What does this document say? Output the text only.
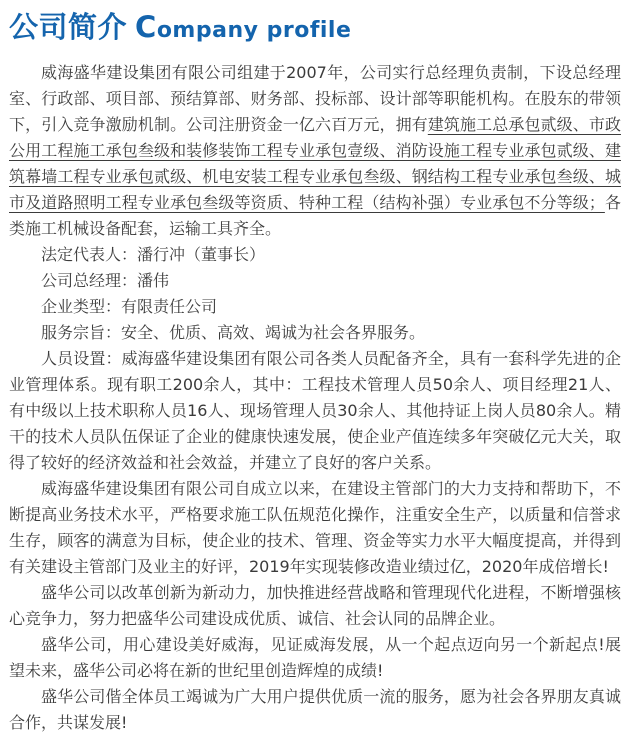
公司简介 Company profile

威海盛华建设集团有限公司组建于2007年，公司实行总经理负责制，下设总经理室、行政部、项目部、预结算部、财务部、投标部、设计部等职能机构。在股东的带领下，引入竞争激励机制。公司注册资金一亿六百万元，拥有建筑施工总承包贰级、市政公用工程施工承包叁级和装修装饰工程专业承包壹级、消防设施工程专业承包贰级、建筑幕墙工程专业承包贰级、机电安装工程专业承包叁级、钢结构工程专业承包叁级、城市及道路照明工程专业承包叁级等资质、特种工程（结构补强）专业承包不分等级；各类施工机械设备配套，运输工具齐全。

法定代表人：潘行冲（董事长）

公司总经理：潘伟

企业类型：有限责任公司

服务宗旨：安全、优质、高效、竭诚为社会各界服务。

人员设置：威海盛华建设集团有限公司各类人员配备齐全，具有一套科学先进的企业管理体系。现有职工200余人，其中：工程技术管理人员50余人、项目经理21人、有中级以上技术职称人员16人、现场管理人员30余人、其他持证上岗人员80余人。精干的技术人员队伍保证了企业的健康快速发展，使企业产值连续多年突破亿元大关，取得了较好的经济效益和社会效益，并建立了良好的客户关系。

威海盛华建设集团有限公司自成立以来，在建设主管部门的大力支持和帮助下，不断提高业务技术水平，严格要求施工队伍规范化操作，注重安全生产，以质量和信誉求生存，顾客的满意为目标，使企业的技术、管理、资金等实力水平大幅度提高，并得到有关建设主管部门及业主的好评，2019年实现装修改造业绩过亿，2020年成倍增长!

盛华公司以改革创新为新动力，加快推进经营战略和管理现代化进程，不断增强核心竞争力，努力把盛华公司建设成优质、诚信、社会认同的品牌企业。

盛华公司，用心建设美好威海，见证威海发展，从一个起点迈向另一个新起点!展望未来，盛华公司必将在新的世纪里创造辉煌的成绩!

盛华公司偕全体员工竭诚为广大用户提供优质一流的服务，愿为社会各界朋友真诚合作，共谋发展!
